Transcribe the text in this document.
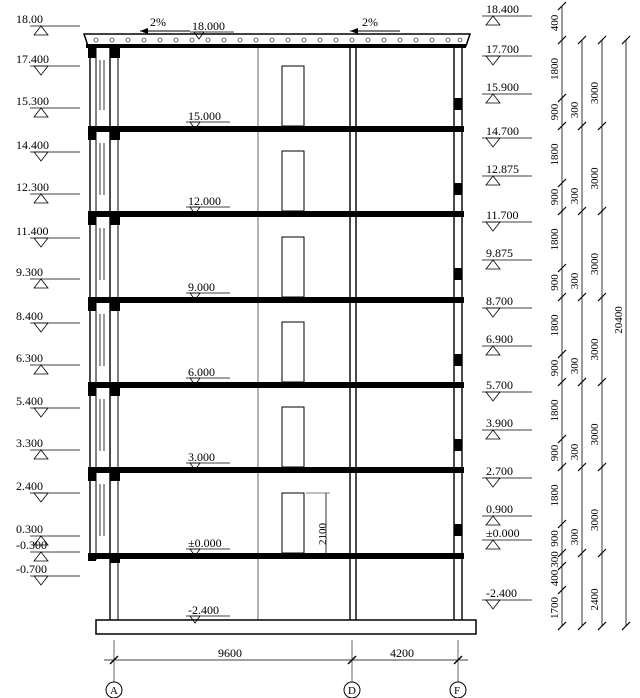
2%	2%
2100
18.000
15.000
12.000
9.000
6.000
3.000
±0.000
-2.400
18.00
17.400
15.300
14.400
12.300
11.400
9.300
8.400
6.300
5.400
3.300
2.400
0.300
-0.300
-0.700
18.400
17.700
15.900
14.700
12.875
11.700
9.875
8.700
6.900
5.700
3.900
2.700
0.900
±0.000
-2.400
400
1800
900
1800
900
1800
900
1800
900
1800
900
1800
900
300
400
1700
300
300
300
300
300
300
3000
3000
3000
3000
3000
3000
2400
20400
9600	4200
A	D	F
